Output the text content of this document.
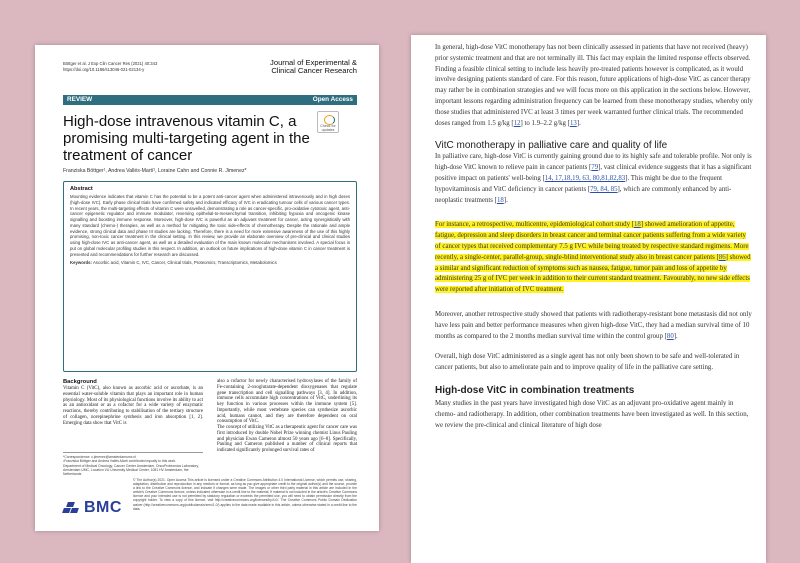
Böttger et al. J Exp Clin Cancer Res (2021) 40:343
https://doi.org/10.1186/s13046-021-02134-y
Journal of Experimental &
Clinical Cancer Research
REVIEW	Open Access
High-dose intravenous vitamin C, a promising multi-targeting agent in the treatment of cancer
Check for updates
Franziska Böttger¹, Andrea Vallés-Martí¹, Loraine Cahn and Connie R. Jimenez*
Abstract
Mounting evidence indicates that vitamin C has the potential to be a potent anti-cancer agent when administered intravenously and in high doses (high-dose IVC). Early phase clinical trials have confirmed safety and indicated efficacy of IVC in eradicating tumour cells of various cancer types. In recent years, the multi-targeting effects of vitamin C were unravelled, demonstrating a role as cancer-specific, pro-oxidative cytotoxic agent, anti-cancer epigenetic regulator and immune modulator, reversing epithelial-to-mesenchymal transition, inhibiting hypoxia and oncogenic kinase signalling and boosting immune response. Moreover, high-dose IVC is powerful as an adjuvant treatment for cancer, acting synergistically with many standard (chemo-) therapies, as well as a method for mitigating the toxic side-effects of chemotherapy. Despite the rationale and ample evidence, strong clinical data and phase III studies are lacking. Therefore, there is a need for more extensive awareness of the use of this highly promising, non-toxic cancer treatment in the clinical setting. In this review, we provide an elaborate overview of pre-clinical and clinical studies using high-dose IVC as anti-cancer agent, as well as a detailed evaluation of the main known molecular mechanisms involved. A special focus is put on global molecular profiling studies in this respect. In addition, an outlook on future implications of high-dose vitamin C in cancer treatment is presented and recommendations for further research are discussed.
Keywords: Ascorbic acid, Vitamin C, IVC, Cancer, Clinical trials, Proteomics, Transcriptomics, Metabolomics
Background
Vitamin C (VitC), also known as ascorbic acid or ascorbate, is an essential water-soluble vitamin that plays an important role in human physiology. Most of its physiological functions involve its ability to act as an antioxidant or as a cofactor for a wide variety of enzymatic reactions, thereby contributing to stabilisation of the tertiary structure of collagen, norepinephrine synthesis and iron absorption [1, 2]. Emerging data show that VitC is
also a cofactor for newly characterised hydroxylases of the family of Fe-containing 2-oxoglutarate-dependent dioxygenases that regulate gene transcription and cell signalling pathways [3, 4]. In addition, immune cells accumulate high concentrations of VitC, underlining its key function in various processes within the immune system [5]. Importantly, while most vertebrate species can synthesize ascorbic acid, humans cannot, and they are therefore dependent on oral consumption of VitC.
The concept of utilizing VitC as a therapeutic agent for cancer care was first introduced by double Nobel Prize winning chemist Linus Pauling and physician Ewan Cameron almost 50 years ago [6–8]. Specifically, Pauling and Cameron published a number of clinical reports that indicated significantly prolonged survival rates of
*Correspondence: c.jimenez@amsterdamumc.nl
¹Franziska Böttger and Andrea Vallés-Martí contributed equally to this work.
Department of Medical Oncology, Cancer Center Amsterdam, OncoProteomics Laboratory, Amsterdam UMC, Location VU University Medical Center, 1081 HV Amsterdam, the Netherlands
BMC
© The Author(s) 2021. Open Access This article is licensed under a Creative Commons Attribution 4.0 International License, which permits use, sharing, adaptation, distribution and reproduction in any medium or format, as long as you give appropriate credit to the original author(s) and the source, provide a link to the Creative Commons licence, and indicate if changes were made. The images or other third party material in this article are included in the article's Creative Commons licence, unless indicated otherwise in a credit line to the material. If material is not included in the article's Creative Commons licence and your intended use is not permitted by statutory regulation or exceeds the permitted use, you will need to obtain permission directly from the copyright holder. To view a copy of this licence, visit http://creativecommons.org/licenses/by/4.0/. The Creative Commons Public Domain Dedication waiver (http://creativecommons.org/publicdomain/zero/1.0/) applies to the data made available in this article, unless otherwise stated in a credit line to the data.

In general, high-dose VitC monotherapy has not been clinically assessed in patients that have not received (heavy) prior systemic treatment and that are not terminally ill. This fact may explain the limited response effects observed. Finding a feasible clinical setting to include less heavily pre-treated patients however is complicated, as it would involve designing patients standard of care. For this reason, future applications of high-dose VitC as cancer therapy may rather be in combination strategies and we will focus more on this application in the sections below. However, important lessons regarding administration frequency can be learned from these monotherapy studies, whereby only those studies that administered IVC at least 3 times per week warranted further clinical trials. The recommended doses ranged from 1.5 g/kg [12] to 1.9–2.2 g/kg [13].

VitC monotherapy in palliative care and quality of life

In palliative care, high-dose VitC is currently gaining ground due to its highly safe and tolerable profile. Not only is high-dose VitC known to relieve pain in cancer patients [79], vast clinical evidence suggests that it has a significant positive impact on patients' well-being [14, 17,18,19, 63, 80,81,82,83]. This might be due to the frequent hypovitaminosis and VitC deficiency in cancer patients [79, 84, 85], which are commonly enhanced by anti-neoplastic treatments [18].

For instance, a retrospective, multicentre, epidemiological cohort study [18] showed amelioration of appetite, fatigue, depression and sleep disorders in breast cancer and terminal cancer patients suffering from a wide variety of cancer types that received complementary 7.5 g IVC while being treated by respective standard regimens. More recently, a single-center, parallel-group, single-blind interventional study also in breast cancer patients [86] showed a similar and significant reduction of symptoms such as nausea, fatigue, tumor pain and loss of appetite by administering 25 g of IVC per week in addition to their current standard treatment. Favourably, no new side effects were reported after initiation of IVC treatment.

Moreover, another retrospective study showed that patients with radiotherapy-resistant bone metastasis did not only have less pain and better performance measures when given high-dose VitC, they had a median survival time of 10 months as compared to the 2 months median survival time within the control group [80].

Overall, high dose VitC administered as a single agent has not only been shown to be safe and well-tolerated in cancer patients, but also to ameliorate pain and to improve quality of life in the palliative care setting.

High-dose VitC in combination treatments

Many studies in the past years have investigated high dose VitC as an adjuvant pro-oxidative agent mainly in chemo- and radiotherapy. In addition, other combination treatments have been investigated as well. In this section, we review the pre-clinical and clinical literature of high dose
